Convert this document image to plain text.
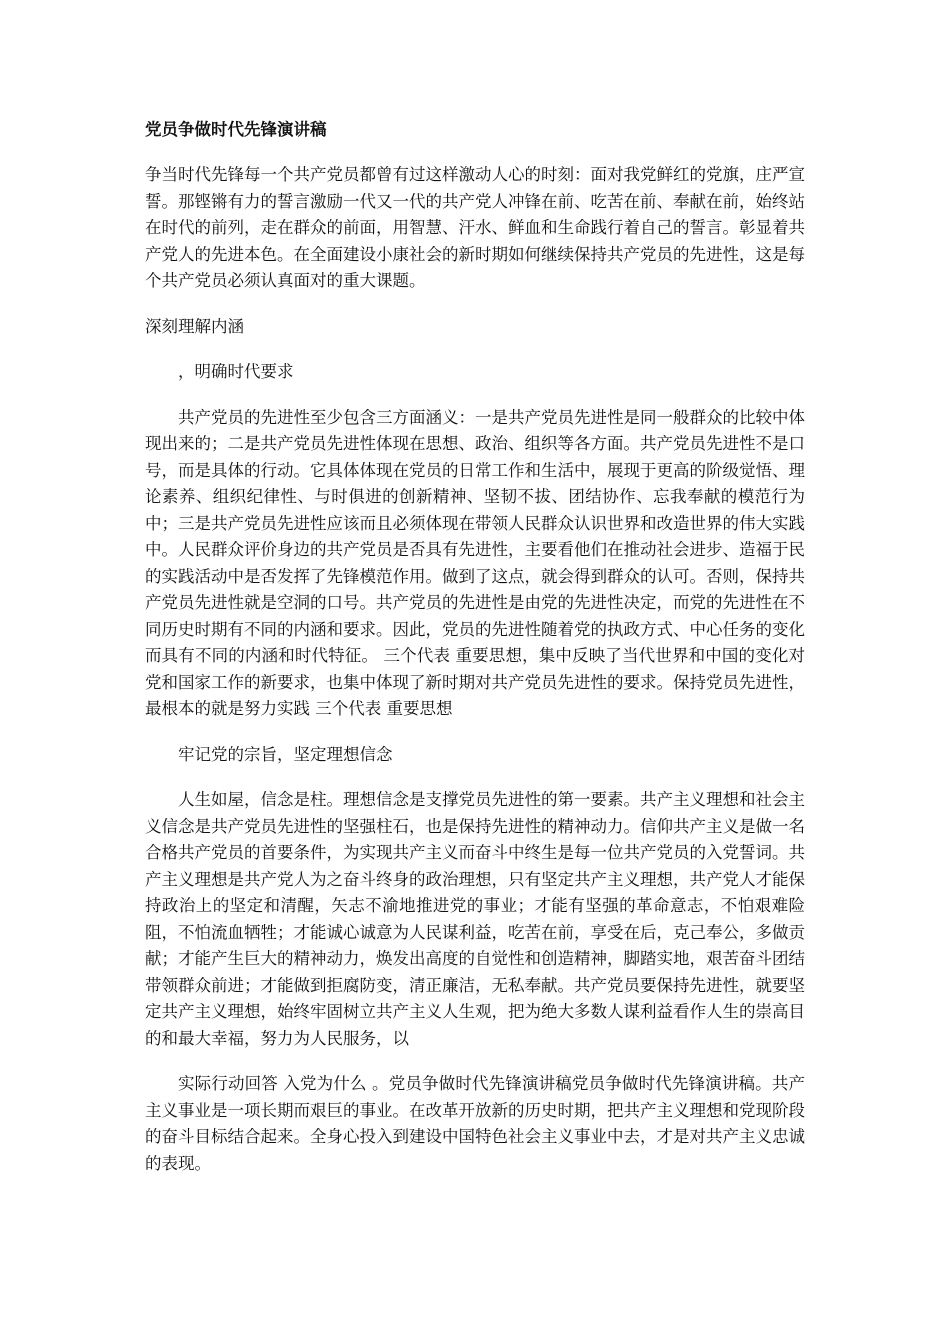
党员争做时代先锋演讲稿

争当时代先锋每一个共产党员都曾有过这样激动人心的时刻：面对我党鲜红的党旗，庄严宣誓。那铿锵有力的誓言激励一代又一代的共产党人冲锋在前、吃苦在前、奉献在前，始终站在时代的前列，走在群众的前面，用智慧、汗水、鲜血和生命践行着自己的誓言。彰显着共产党人的先进本色。在全面建设小康社会的新时期如何继续保持共产党员的先进性，这是每个共产党员必须认真面对的重大课题。

深刻理解内涵

，明确时代要求

共产党员的先进性至少包含三方面涵义：一是共产党员先进性是同一般群众的比较中体现出来的；二是共产党员先进性体现在思想、政治、组织等各方面。共产党员先进性不是口号，而是具体的行动。它具体体现在党员的日常工作和生活中，展现于更高的阶级觉悟、理论素养、组织纪律性、与时俱进的创新精神、坚韧不拔、团结协作、忘我奉献的模范行为中；三是共产党员先进性应该而且必须体现在带领人民群众认识世界和改造世界的伟大实践中。人民群众评价身边的共产党员是否具有先进性，主要看他们在推动社会进步、造福于民的实践活动中是否发挥了先锋模范作用。做到了这点，就会得到群众的认可。否则，保持共产党员先进性就是空洞的口号。共产党员的先进性是由党的先进性决定，而党的先进性在不同历史时期有不同的内涵和要求。因此，党员的先进性随着党的执政方式、中心任务的变化而具有不同的内涵和时代特征。 三个代表 重要思想，集中反映了当代世界和中国的变化对党和国家工作的新要求，也集中体现了新时期对共产党员先进性的要求。保持党员先进性，最根本的就是努力实践 三个代表 重要思想

牢记党的宗旨，坚定理想信念

人生如屋，信念是柱。理想信念是支撑党员先进性的第一要素。共产主义理想和社会主义信念是共产党员先进性的坚强柱石，也是保持先进性的精神动力。信仰共产主义是做一名合格共产党员的首要条件，为实现共产主义而奋斗中终生是每一位共产党员的入党誓词。共产主义理想是共产党人为之奋斗终身的政治理想，只有坚定共产主义理想，共产党人才能保持政治上的坚定和清醒，矢志不渝地推进党的事业；才能有坚强的革命意志，不怕艰难险阻，不怕流血牺牲；才能诚心诚意为人民谋利益，吃苦在前，享受在后，克己奉公，多做贡献；才能产生巨大的精神动力，焕发出高度的自觉性和创造精神，脚踏实地，艰苦奋斗团结带领群众前进；才能做到拒腐防变，清正廉洁，无私奉献。共产党员要保持先进性，就要坚定共产主义理想，始终牢固树立共产主义人生观，把为绝大多数人谋利益看作人生的崇高目的和最大幸福，努力为人民服务，以

实际行动回答 入党为什么 。党员争做时代先锋演讲稿党员争做时代先锋演讲稿。共产主义事业是一项长期而艰巨的事业。在改革开放新的历史时期，把共产主义理想和党现阶段的奋斗目标结合起来。全身心投入到建设中国特色社会主义事业中去，才是对共产主义忠诚的表现。
